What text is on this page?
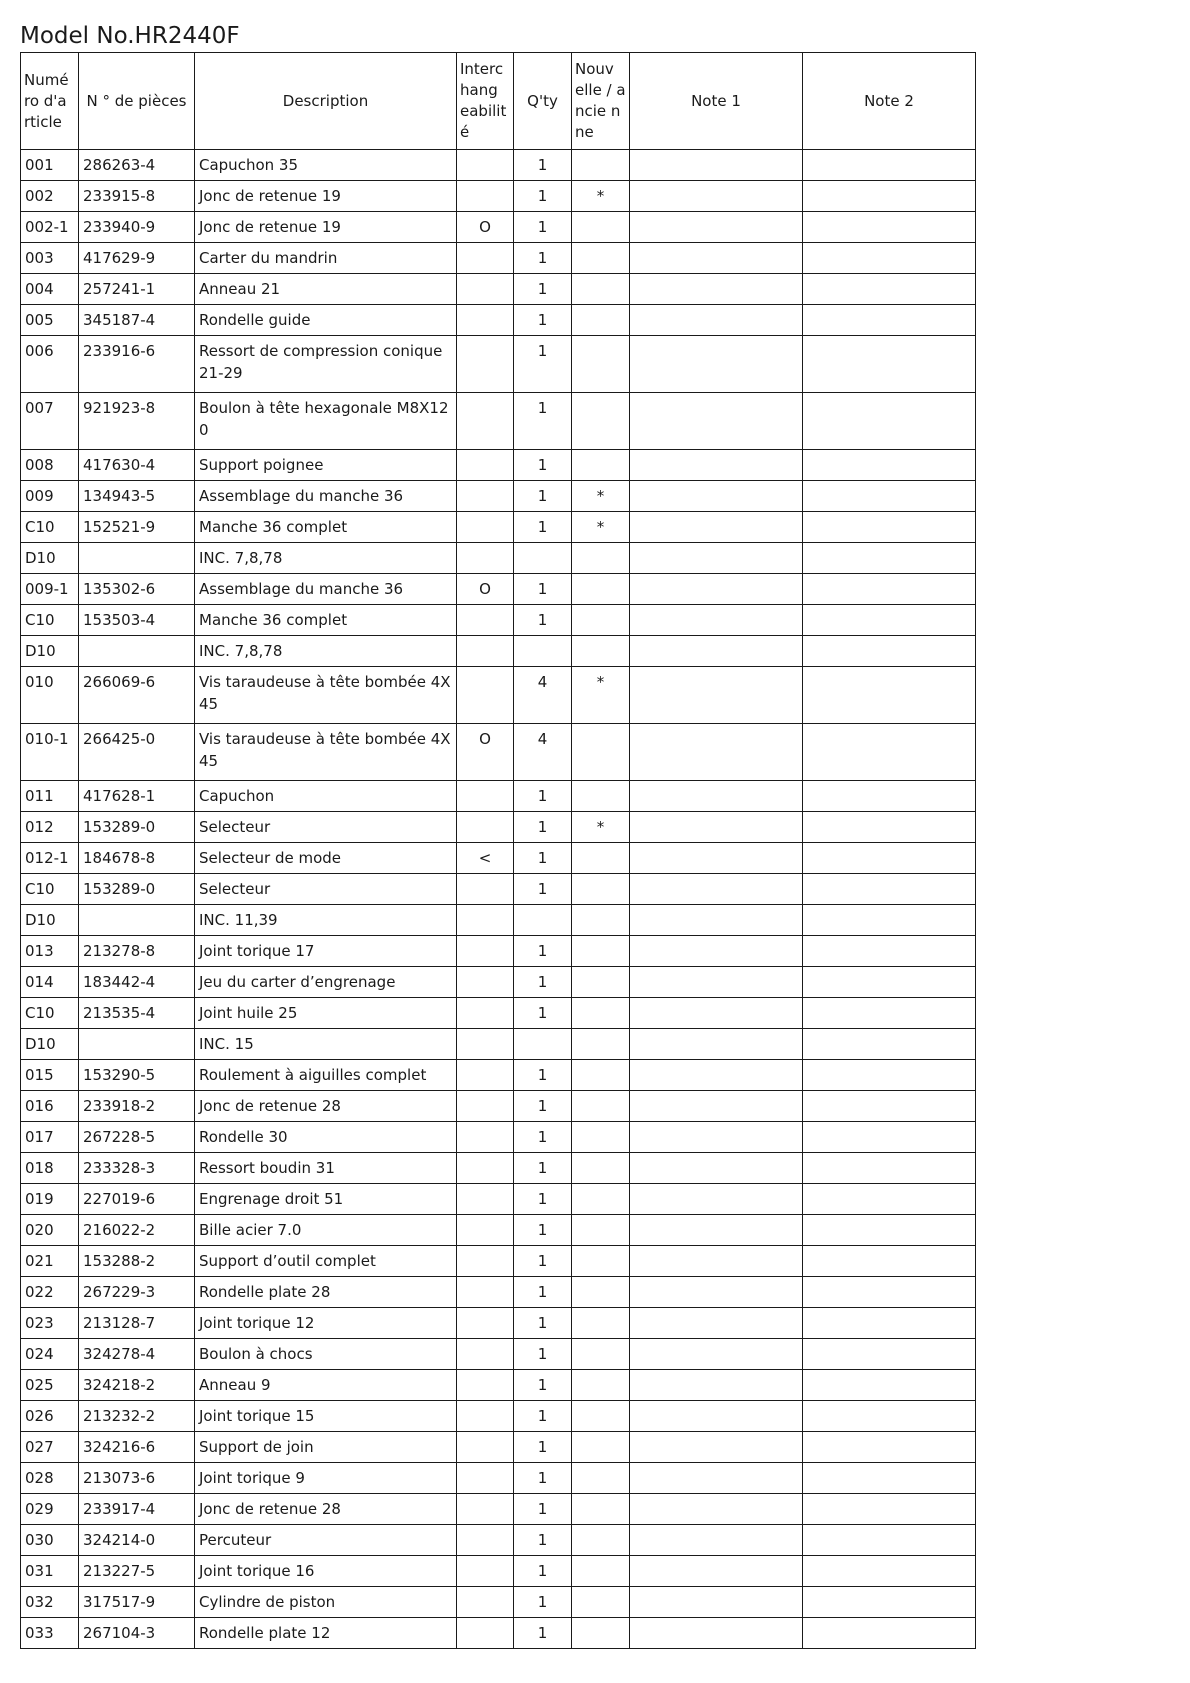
Model No.HR2440F
Numé ro d'a rticle	N ° de pièces	Description	Interc hang eabilit é	Q'ty	Nouv elle / ancie nne	Note 1	Note 2
001	286263-4	Capuchon 35		1			
002	233915-8	Jonc de retenue 19		1	*		
002-1	233940-9	Jonc de retenue 19	O	1			
003	417629-9	Carter du mandrin		1			
004	257241-1	Anneau 21		1			
005	345187-4	Rondelle guide		1			
006	233916-6	Ressort de compression conique 21-29		1			
007	921923-8	Boulon à tête hexagonale M8X12 0		1			
008	417630-4	Support poignee		1			
009	134943-5	Assemblage du manche 36		1	*		
C10	152521-9	Manche 36 complet		1	*		
D10		INC. 7,8,78					
009-1	135302-6	Assemblage du manche 36	O	1			
C10	153503-4	Manche 36 complet		1			
D10		INC. 7,8,78					
010	266069-6	Vis taraudeuse à tête bombée 4X 45		4	*		
010-1	266425-0	Vis taraudeuse à tête bombée 4X 45	O	4			
011	417628-1	Capuchon		1			
012	153289-0	Selecteur		1	*		
012-1	184678-8	Selecteur de mode	<	1			
C10	153289-0	Selecteur		1			
D10		INC. 11,39					
013	213278-8	Joint torique 17		1			
014	183442-4	Jeu du carter d’engrenage		1			
C10	213535-4	Joint huile 25		1			
D10		INC. 15					
015	153290-5	Roulement à aiguilles complet		1			
016	233918-2	Jonc de retenue 28		1			
017	267228-5	Rondelle 30		1			
018	233328-3	Ressort boudin 31		1			
019	227019-6	Engrenage droit 51		1			
020	216022-2	Bille acier 7.0		1			
021	153288-2	Support d’outil complet		1			
022	267229-3	Rondelle plate 28		1			
023	213128-7	Joint torique 12		1			
024	324278-4	Boulon à chocs		1			
025	324218-2	Anneau 9		1			
026	213232-2	Joint torique 15		1			
027	324216-6	Support de join		1			
028	213073-6	Joint torique 9		1			
029	233917-4	Jonc de retenue 28		1			
030	324214-0	Percuteur		1			
031	213227-5	Joint torique 16		1			
032	317517-9	Cylindre de piston		1			
033	267104-3	Rondelle plate 12		1			
